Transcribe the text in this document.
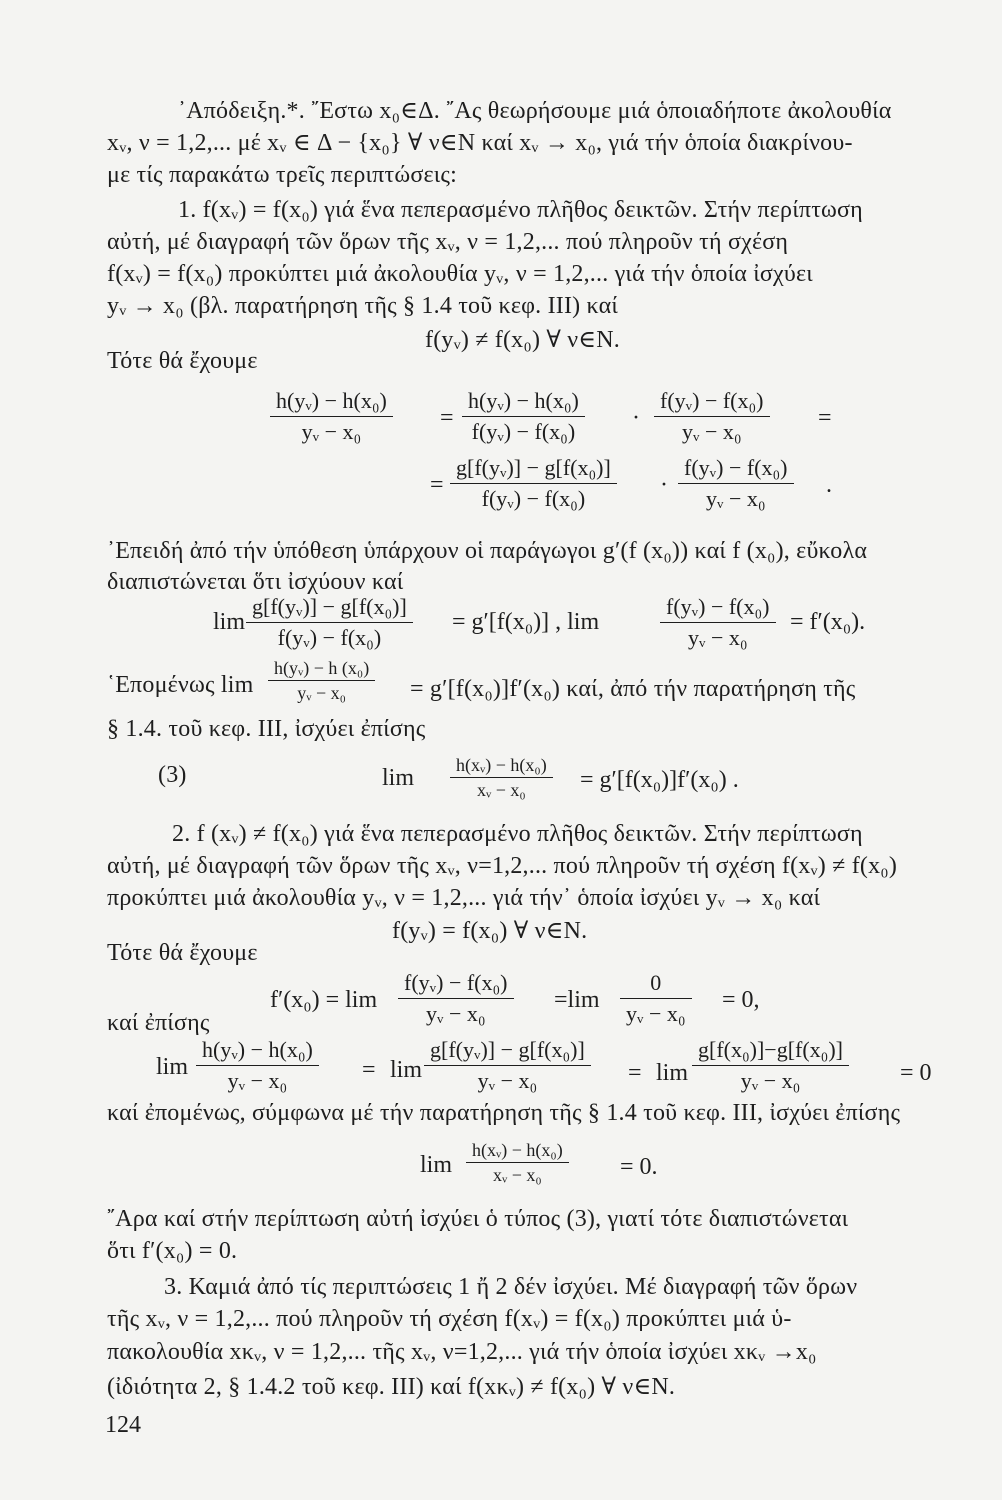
᾽Απόδειξη.*. ῎Εστω x₀∈Δ. ῎Ας θεωρήσουμε μιά ὁποιαδήποτε ἀκολουθία
xᵥ, ν = 1,2,... μέ xᵥ ∈ Δ − {x₀} ∀ ν∈N καί xᵥ → x₀, γιά τήν ὁποία διακρίνου-
με τίς παρακάτω τρεῖς περιπτώσεις:
1. f(xᵥ) = f(x₀) γιά ἕνα πεπερασμένο πλῆθος δεικτῶν. Στήν περίπτωση
αὐτή, μέ διαγραφή τῶν ὅρων τῆς xᵥ, ν = 1,2,... πού πληροῦν τή σχέση
f(xᵥ) = f(x₀) προκύπτει μιά ἀκολουθία yᵥ, ν = 1,2,... γιά τήν ὁποία ἰσχύει
yᵥ → x₀ (βλ. παρατήρηση τῆς § 1.4 τοῦ κεφ. III) καί
f(yᵥ) ≠ f(x₀) ∀ ν∈N.
Τότε θά ἔχουμε
h(yᵥ) − h(x₀)
yᵥ − x₀
=
h(yᵥ) − h(x₀)
f(yᵥ) − f(x₀)
·
f(yᵥ) − f(x₀)
yᵥ − x₀
=
=
g[f(yᵥ)] − g[f(x₀)]
f(yᵥ) − f(x₀)
·
f(yᵥ) − f(x₀)
yᵥ − x₀
.
᾽Επειδή ἀπό τήν ὑπόθεση ὑπάρχουν οἱ παράγωγοι g′(f (x₀)) καί f (x₀), εὔκολα
διαπιστώνεται ὅτι ἰσχύουν καί
lim
g[f(yᵥ)] − g[f(x₀)]
f(yᵥ) − f(x₀)
= g′[f(x₀)] , lim
f(yᵥ) − f(x₀)
yᵥ − x₀
= f′(x₀).
῾Επομένως lim
h(yᵥ) − h (x₀)
yᵥ − x₀	= g′[f(x₀)]f′(x₀) καί, ἀπό τήν παρατήρηση τῆς
§ 1.4. τοῦ κεφ. III, ἰσχύει ἐπίσης
(3)	lim	h(xᵥ) − h(x₀)
xᵥ − x₀ = g′[f(x₀)]f′(x₀) .
2. f (xᵥ) ≠ f(x₀) γιά ἕνα πεπερασμένο πλῆθος δεικτῶν. Στήν περίπτωση
αὐτή, μέ διαγραφή τῶν ὅρων τῆς xᵥ, ν=1,2,... πού πληροῦν τή σχέση f(xᵥ) ≠ f(x₀)
προκύπτει μιά ἀκολουθία yᵥ, ν = 1,2,... γιά τήν᾽ ὁποία ἰσχύει yᵥ → x₀ καί
f(yᵥ) = f(x₀) ∀ ν∈N.
Τότε θά ἔχουμε
f′(x₀) = lim
f(yᵥ) − f(x₀)
yᵥ − x₀
=lim
0
yᵥ − x₀
= 0,
καί ἐπίσης
lim
h(yᵥ) − h(x₀)
yᵥ − x₀	= lim
g[f(yᵥ)] − g[f(x₀)]
yᵥ − x₀	= lim
g[f(x₀)]−g[f(x₀)]
yᵥ − x₀	= 0
καί ἐπομένως, σύμφωνα μέ τήν παρατήρηση τῆς § 1.4 τοῦ κεφ. III, ἰσχύει ἐπίσης
lim
h(xᵥ) − h(x₀)
xᵥ − x₀	= 0.
῎Αρα καί στήν περίπτωση αὐτή ἰσχύει ὁ τύπος (3), γιατί τότε διαπιστώνεται
ὅτι f′(x₀) = 0.
3. Καμιά ἀπό τίς περιπτώσεις 1 ἤ 2 δέν ἰσχύει. Μέ διαγραφή τῶν ὅρων
τῆς xᵥ, ν = 1,2,... πού πληροῦν τή σχέση f(xᵥ) = f(x₀) προκύπτει μιά ὑ-
πακολουθία xκᵥ, ν = 1,2,... τῆς xᵥ, ν=1,2,... γιά τήν ὁποία ἰσχύει xκᵥ →x₀
(ἰδιότητα 2, § 1.4.2 τοῦ κεφ. III) καί f(xκᵥ) ≠ f(x₀) ∀ ν∈N.
124
